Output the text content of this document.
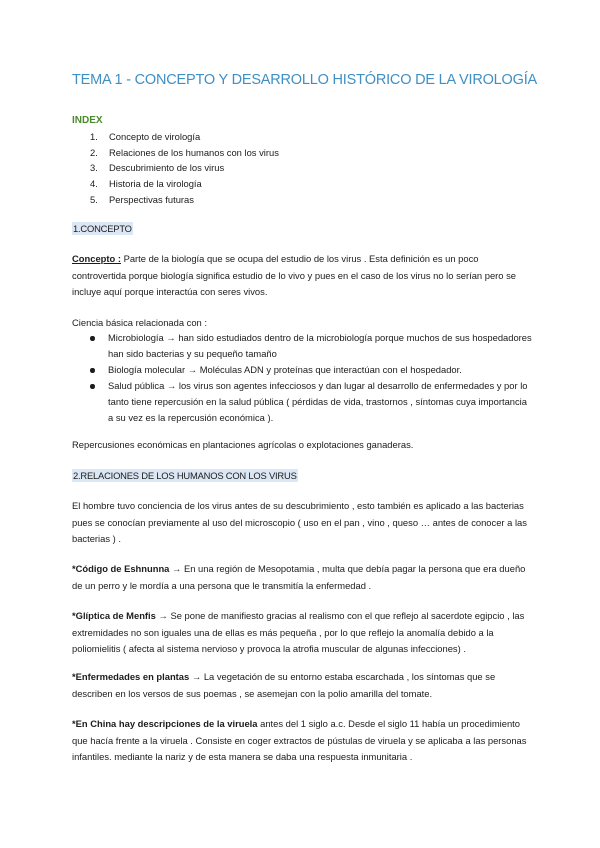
TEMA 1 - CONCEPTO Y DESARROLLO HISTÓRICO DE LA VIROLOGÍA
INDEX
1. Concepto de virología
2. Relaciones de los humanos con los virus
3. Descubrimiento de los virus
4. Historia de la virología
5. Perspectivas futuras
1.CONCEPTO
Concepto : Parte de la biología que se ocupa del estudio de los virus . Esta definición es un poco controvertida porque biología significa estudio de lo vivo y pues en el caso de los virus no lo serían pero se incluye aquí porque interactúa con seres vivos.
Ciencia básica relacionada con :
Microbiología → han sido estudiados dentro de la microbiología porque muchos de sus hospedadores han sido bacterias y su pequeño tamaño
Biología molecular → Moléculas ADN y proteínas que interactúan con el hospedador.
Salud pública → los virus son agentes infecciosos y dan lugar al desarrollo de enfermedades y por lo tanto tiene repercusión en la salud pública ( pérdidas de vida, trastornos , síntomas cuya importancia a su vez es la repercusión económica ).
Repercusiones económicas en plantaciones agrícolas o explotaciones ganaderas.
2.RELACIONES DE LOS HUMANOS CON LOS VIRUS
El hombre tuvo conciencia de los virus antes de su descubrimiento , esto también es aplicado a las bacterias pues se conocían previamente al uso del microscopio ( uso en el pan , vino , queso … antes de conocer a las bacterias ) .
*Código de Eshnunna → En una región de Mesopotamia , multa que debía pagar la persona que era dueño de un perro y le mordía a una persona que le transmitía la enfermedad .
*Glíptica de Menfis → Se pone de manifiesto gracias al realismo con el que reflejo al sacerdote egipcio , las extremidades no son iguales una de ellas es más pequeña , por lo que reflejo la anomalía debido a la poliomielitis ( afecta al sistema nervioso y provoca la atrofia muscular de algunas infecciones) .
*Enfermedades en plantas → La vegetación de su entorno estaba escarchada , los síntomas que se describen en los versos de sus poemas , se asemejan con la polio amarilla del tomate.
*En China hay descripciones de la viruela antes del 1 siglo a.c. Desde el siglo 11 había un procedimiento que hacía frente a la viruela . Consiste en coger extractos de pústulas de viruela y se aplicaba a las personas infantiles. mediante la nariz y de esta manera se daba una respuesta inmunitaria .
